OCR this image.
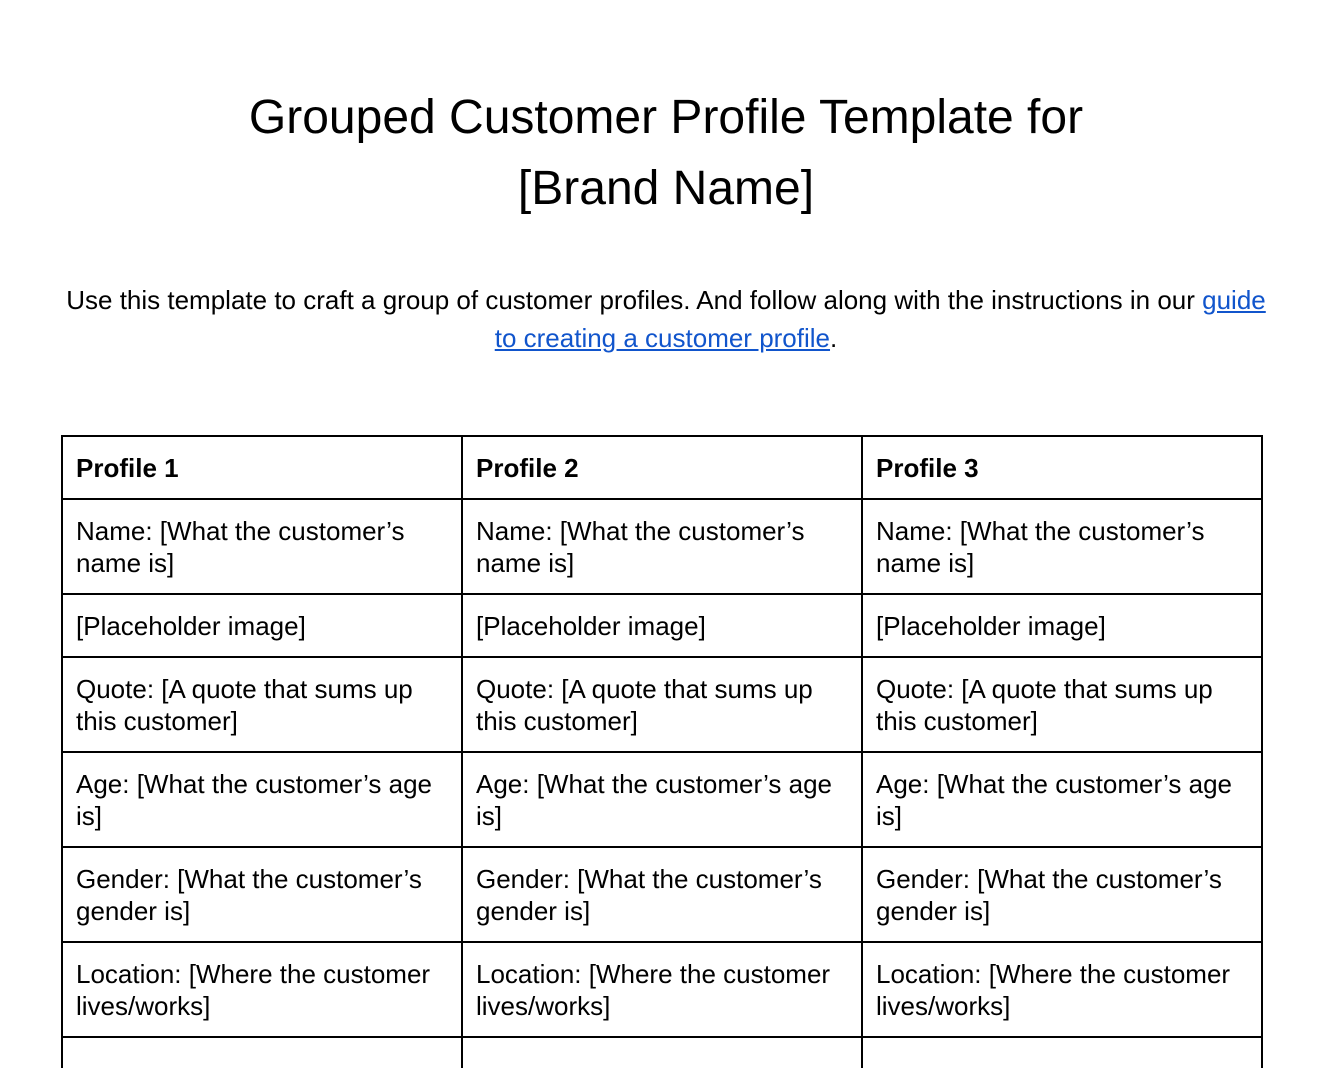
Grouped Customer Profile Template for
[Brand Name]

Use this template to craft a group of customer profiles. And follow along with the instructions in our guide to creating a customer profile.

Profile 1	Profile 2	Profile 3
Name: [What the customer’s name is]	Name: [What the customer’s name is]	Name: [What the customer’s name is]
[Placeholder image]	[Placeholder image]	[Placeholder image]
Quote: [A quote that sums up this customer]	Quote: [A quote that sums up this customer]	Quote: [A quote that sums up this customer]
Age: [What the customer’s age is]	Age: [What the customer’s age is]	Age: [What the customer’s age is]
Gender: [What the customer’s gender is]	Gender: [What the customer’s gender is]	Gender: [What the customer’s gender is]
Location: [Where the customer lives/works]	Location: [Where the customer lives/works]	Location: [Where the customer lives/works]
